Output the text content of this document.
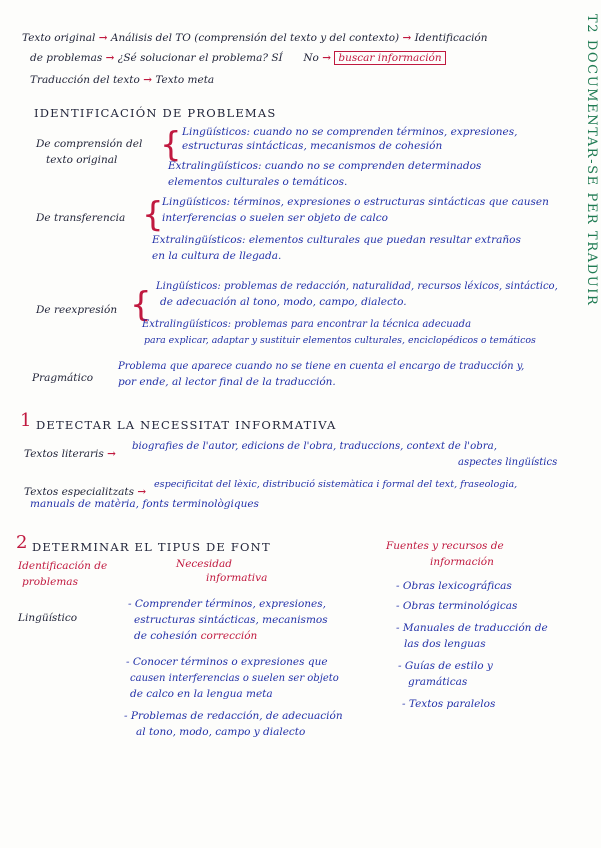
T2 DOCUMENTAR-SE PER TRADUIR
Texto original → Análisis del TO (comprensión del texto y del contexto) → Identificación
de problemas → ¿Sé solucionar el problema? SÍ No → buscar información
Traducción del texto → Texto meta
IDENTIFICACIÓN DE PROBLEMAS
De comprensión del
texto original { Lingüísticos: cuando no se comprenden términos, expresiones,
estructuras sintácticas, mecanismos de cohesión
Extralingüísticos: cuando no se comprenden determinados
elementos culturales o temáticos.
De transferencia {
Lingüísticos: términos, expresiones o estructuras sintácticas que causen
interferencias o suelen ser objeto de calco
Extralingüísticos: elementos culturales que puedan resultar extraños
en la cultura de llegada.
De reexpresión { Lingüísticos: problemas de redacción, naturalidad, recursos léxicos, sintáctico,
de adecuación al tono, modo, campo, dialecto.
Extralingüísticos: problemas para encontrar la técnica adecuada
para explicar, adaptar y sustituir elementos culturales, enciclopédicos o temáticos
Pragmático
Problema que aparece cuando no se tiene en cuenta el encargo de traducción y,
por ende, al lector final de la traducción.
1 DETECTAR LA NECESSITAT INFORMATIVA
Textos literaris →
biografies de l'autor, edicions de l'obra, traduccions, context de l'obra,
aspectes lingüístics
Textos especialitzats →
especificitat del lèxic, distribució sistemàtica i formal del text, fraseologia,
manuals de matèria, fonts terminològiques
2 DETERMINAR EL TIPUS DE FONT
Identificación de
problemas
Necesidad
informativa
Fuentes y recursos de
información
Lingüístico
- Comprender términos, expresiones,
estructuras sintácticas, mecanismos
de cohesión corrección
- Conocer términos o expresiones que
causen interferencias o suelen ser objeto
de calco en la lengua meta
- Problemas de redacción, de adecuación
al tono, modo, campo y dialecto
- Obras lexicográficas
- Obras terminológicas
- Manuales de traducción de
las dos lenguas
- Guías de estilo y
gramáticas
- Textos paralelos
